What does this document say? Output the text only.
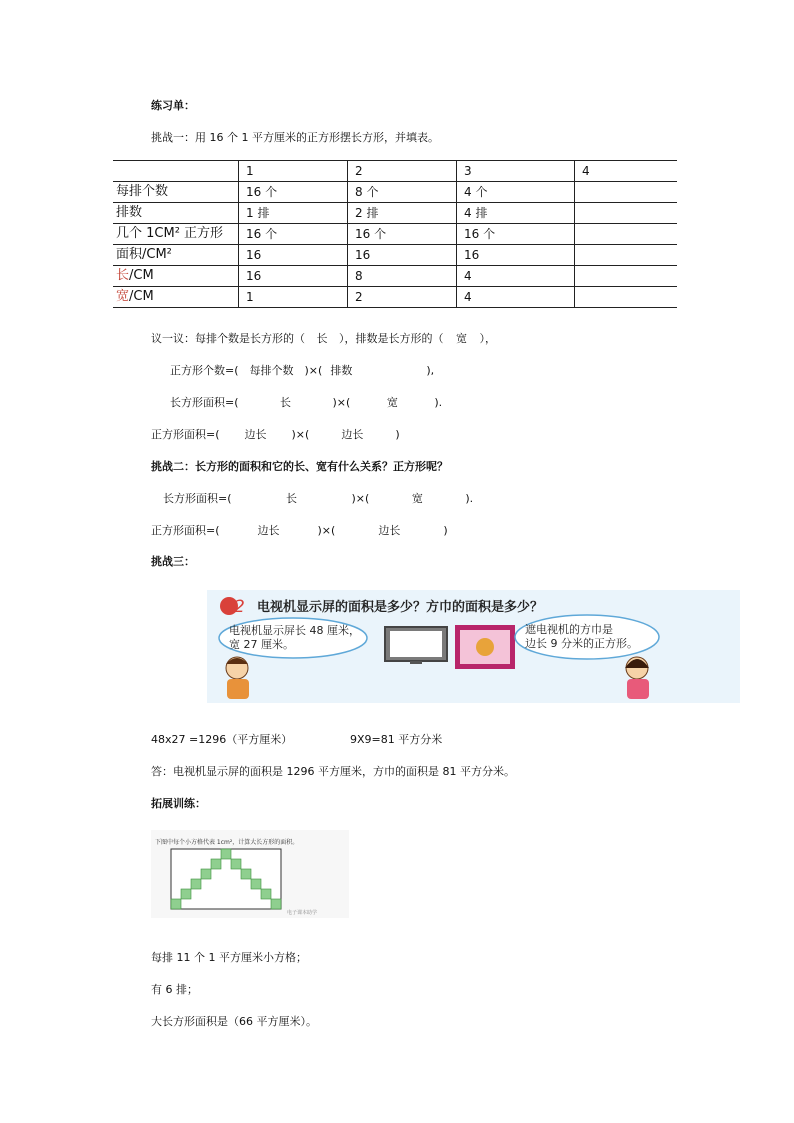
练习单：
挑战一：用 16 个 1 平方厘米的正方形摆长方形，并填表。
	1	2	3	4
每排个数	16 个	8 个	4 个	
排数	1 排	2 排	4 排	
几个 1CM² 正方形	16 个	16 个	16 个	
面积/CM²	16	16	16	
长/CM	16	8	4	
宽/CM	1	2	4	
议一议：每排个数是长方形的（ 长 ），排数是长方形的（ 宽 ），
正方形个数=( 每排个数 )×( 排数	),
长方形面积=(	长	)×(	宽	).
正方形面积=( 边长 )×(	边长	)
挑战二：长方形的面积和它的长、宽有什么关系？正方形呢？
长方形面积=(	长	)×(	宽	).
正方形面积=(	边长	)×(	边长	)
挑战三：
2 电视机显示屏的面积是多少？方巾的面积是多少？
电视机显示屏长 48 厘米，
宽 27 厘米。
遮电视机的方巾是
边长 9 分米的正方形。
48x27 =1296（平方厘米）	9X9=81 平方分米
答：电视机显示屏的面积是 1296 平方厘米，方巾的面积是 81 平方分米。
拓展训练：
下图中每个小方格代表 1cm²，计算大长方形的面积。
电子课本助学
每排 11 个 1 平方厘米小方格；
有 6 排；
大长方形面积是（66 平方厘米）。
